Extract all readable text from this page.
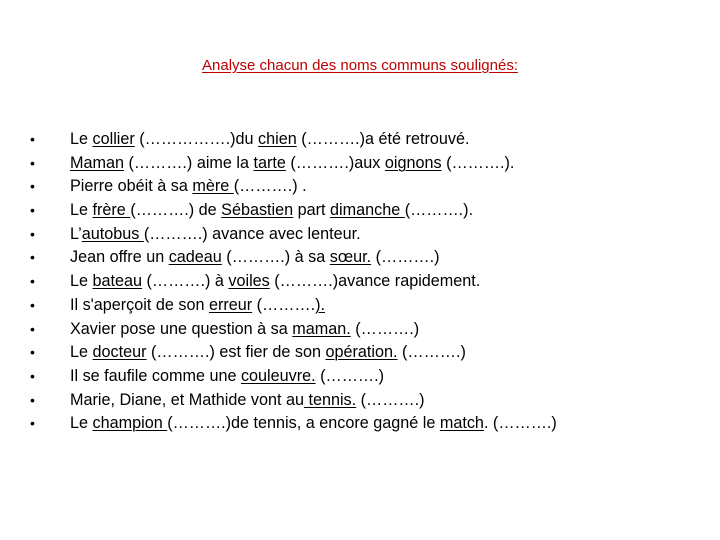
Analyse chacun des noms communs soulignés:
• Le collier (…………….)du chien (……….)a été retrouvé.
• Maman (……….) aime la tarte (……….)aux oignons (……….).
• Pierre obéit à sa mère (……….) .
• Le frère (……….) de Sébastien part dimanche (……….).
• L’autobus (……….) avance avec lenteur.
• Jean offre un cadeau (……….) à sa sœur. (……….)
• Le bateau (……….) à voiles (……….)avance rapidement.
• Il s'aperçoit de son erreur (……….).
• Xavier pose une question à sa maman. (……….)
• Le docteur (……….) est fier de son opération. (……….)
• Il se faufile comme une couleuvre. (……….)
• Marie, Diane, et Mathide vont au tennis. (……….)
• Le champion (……….)de tennis, a encore gagné le match. (……….)
